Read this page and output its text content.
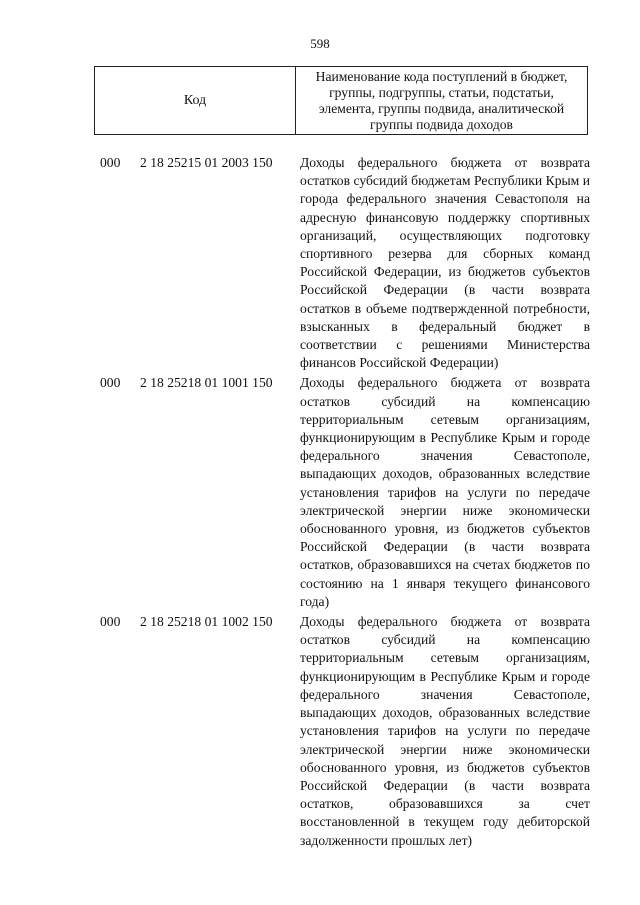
598
Код
Наименование кода поступлений в бюджет, группы, подгруппы, статьи, подстатьи, элемента, группы подвида, аналитической группы подвида доходов
000	2 18 25215 01 2003 150	Доходы федерального бюджета от возврата остатков субсидий бюджетам Республики Крым и города федерального значения Севастополя на адресную финансовую поддержку спортивных организаций, осуществляющих подготовку спортивного резерва для сборных команд Российской Федерации, из бюджетов субъектов Российской Федерации (в части возврата остатков в объеме подтвержденной потребности, взысканных в федеральный бюджет в соответствии с решениями Министерства финансов Российской Федерации)
000	2 18 25218 01 1001 150	Доходы федерального бюджета от возврата остатков субсидий на компенсацию территориальным сетевым организациям, функционирующим в Республике Крым и городе федерального значения Севастополе, выпадающих доходов, образованных вследствие установления тарифов на услуги по передаче электрической энергии ниже экономически обоснованного уровня, из бюджетов субъектов Российской Федерации (в части возврата остатков, образовавшихся на счетах бюджетов по состоянию на 1 января текущего финансового года)
000	2 18 25218 01 1002 150	Доходы федерального бюджета от возврата остатков субсидий на компенсацию территориальным сетевым организациям, функционирующим в Республике Крым и городе федерального значения Севастополе, выпадающих доходов, образованных вследствие установления тарифов на услуги по передаче электрической энергии ниже экономически обоснованного уровня, из бюджетов субъектов Российской Федерации (в части возврата остатков, образовавшихся за счет восстановленной в текущем году дебиторской задолженности прошлых лет)
